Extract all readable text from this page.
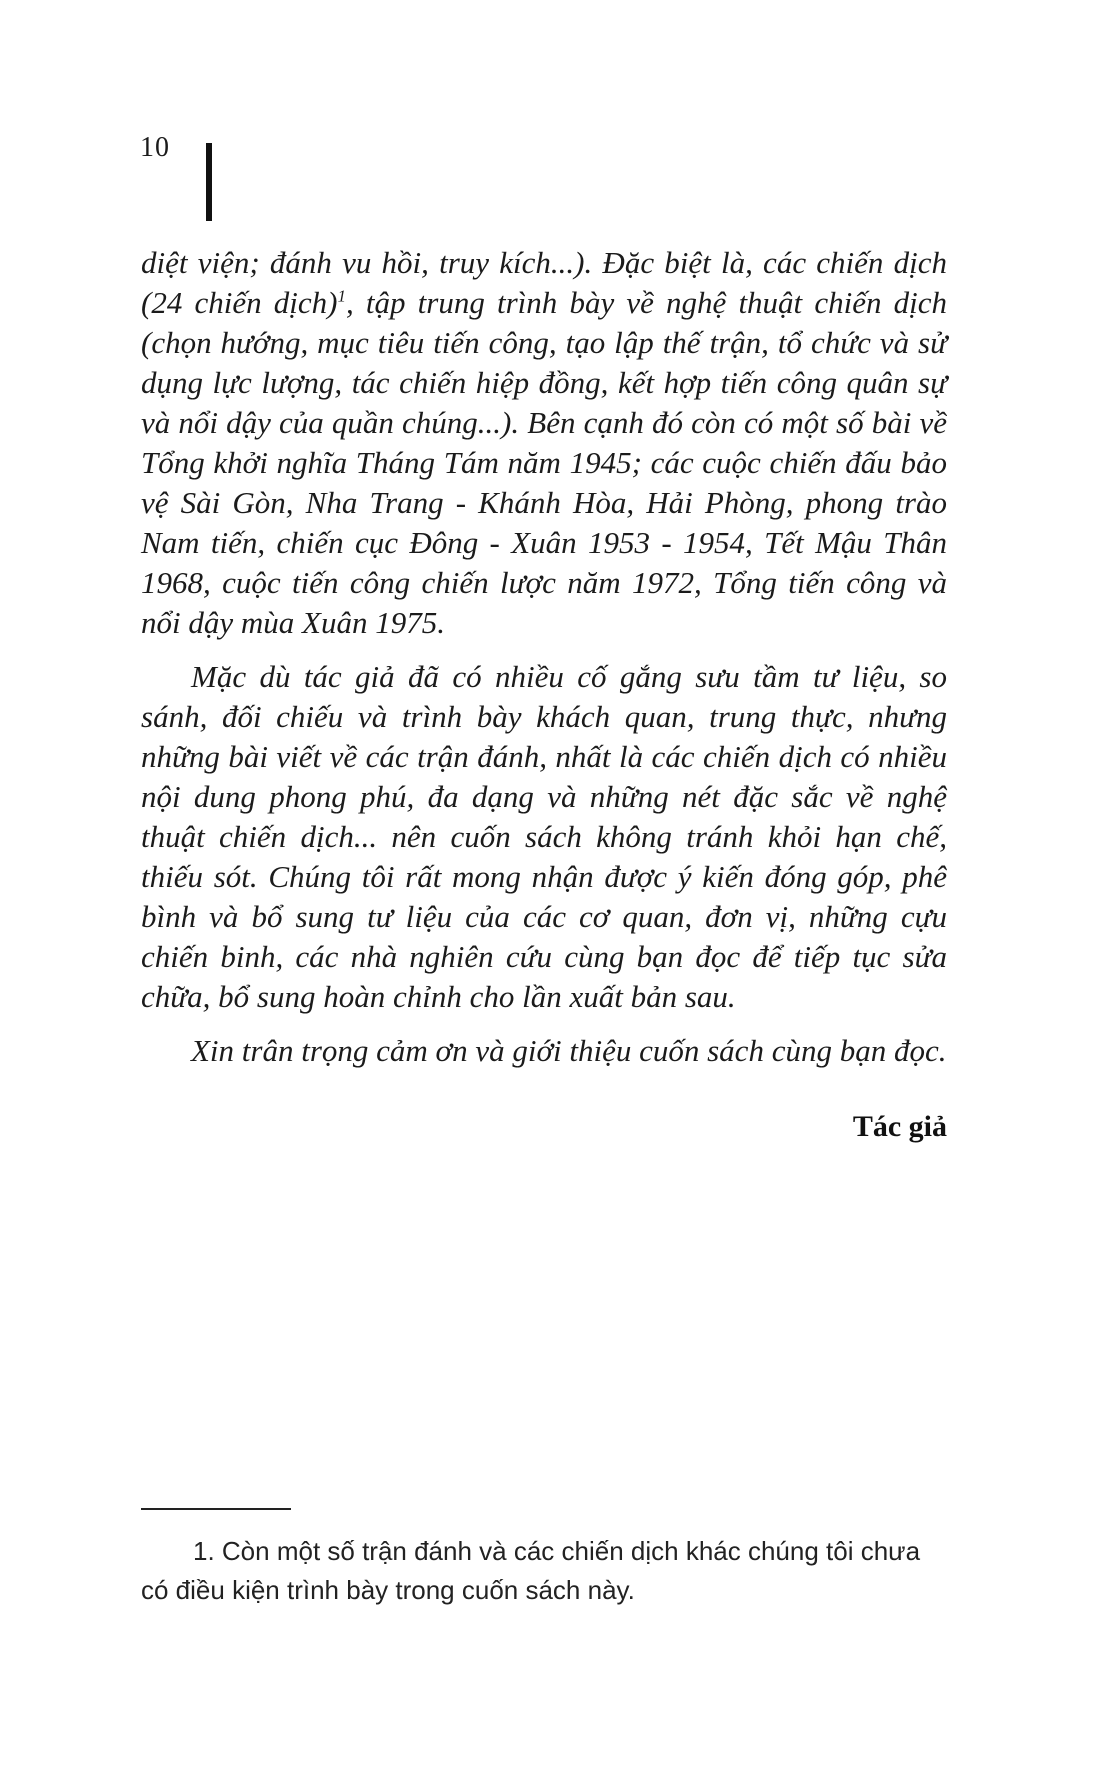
10

diệt viện; đánh vu hồi, truy kích...). Đặc biệt là, các chiến dịch (24 chiến dịch)$^1$, tập trung trình bày về nghệ thuật chiến dịch (chọn hướng, mục tiêu tiến công, tạo lập thế trận, tổ chức và sử dụng lực lượng, tác chiến hiệp đồng, kết hợp tiến công quân sự và nổi dậy của quần chúng...). Bên cạnh đó còn có một số bài về Tổng khởi nghĩa Tháng Tám năm 1945; các cuộc chiến đấu bảo vệ Sài Gòn, Nha Trang - Khánh Hòa, Hải Phòng, phong trào Nam tiến, chiến cục Đông - Xuân 1953 - 1954, Tết Mậu Thân 1968, cuộc tiến công chiến lược năm 1972, Tổng tiến công và nổi dậy mùa Xuân 1975.

Mặc dù tác giả đã có nhiều cố gắng sưu tầm tư liệu, so sánh, đối chiếu và trình bày khách quan, trung thực, nhưng những bài viết về các trận đánh, nhất là các chiến dịch có nhiều nội dung phong phú, đa dạng và những nét đặc sắc về nghệ thuật chiến dịch... nên cuốn sách không tránh khỏi hạn chế, thiếu sót. Chúng tôi rất mong nhận được ý kiến đóng góp, phê bình và bổ sung tư liệu của các cơ quan, đơn vị, những cựu chiến binh, các nhà nghiên cứu cùng bạn đọc để tiếp tục sửa chữa, bổ sung hoàn chỉnh cho lần xuất bản sau.

Xin trân trọng cảm ơn và giới thiệu cuốn sách cùng bạn đọc.

Tác giả

1. Còn một số trận đánh và các chiến dịch khác chúng tôi chưa có điều kiện trình bày trong cuốn sách này.
